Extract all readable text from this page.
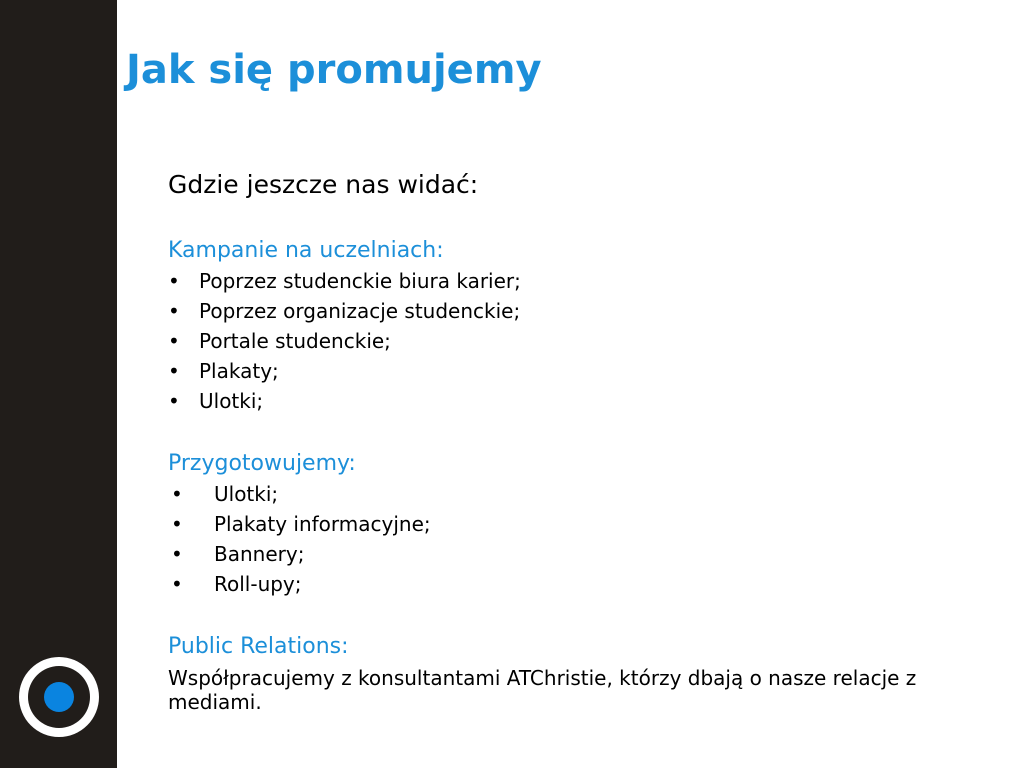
Jak się promujemy

Gdzie jeszcze nas widać:

Kampanie na uczelniach:

• Poprzez studenckie biura karier;
• Poprzez organizacje studenckie;
• Portale studenckie;
• Plakaty;
• Ulotki;

Przygotowujemy:

• Ulotki;
• Plakaty informacyjne;
• Bannery;
• Roll-upy;

Public Relations:

Współpracujemy z konsultantami ATChristie, którzy dbają o nasze relacje z mediami.
